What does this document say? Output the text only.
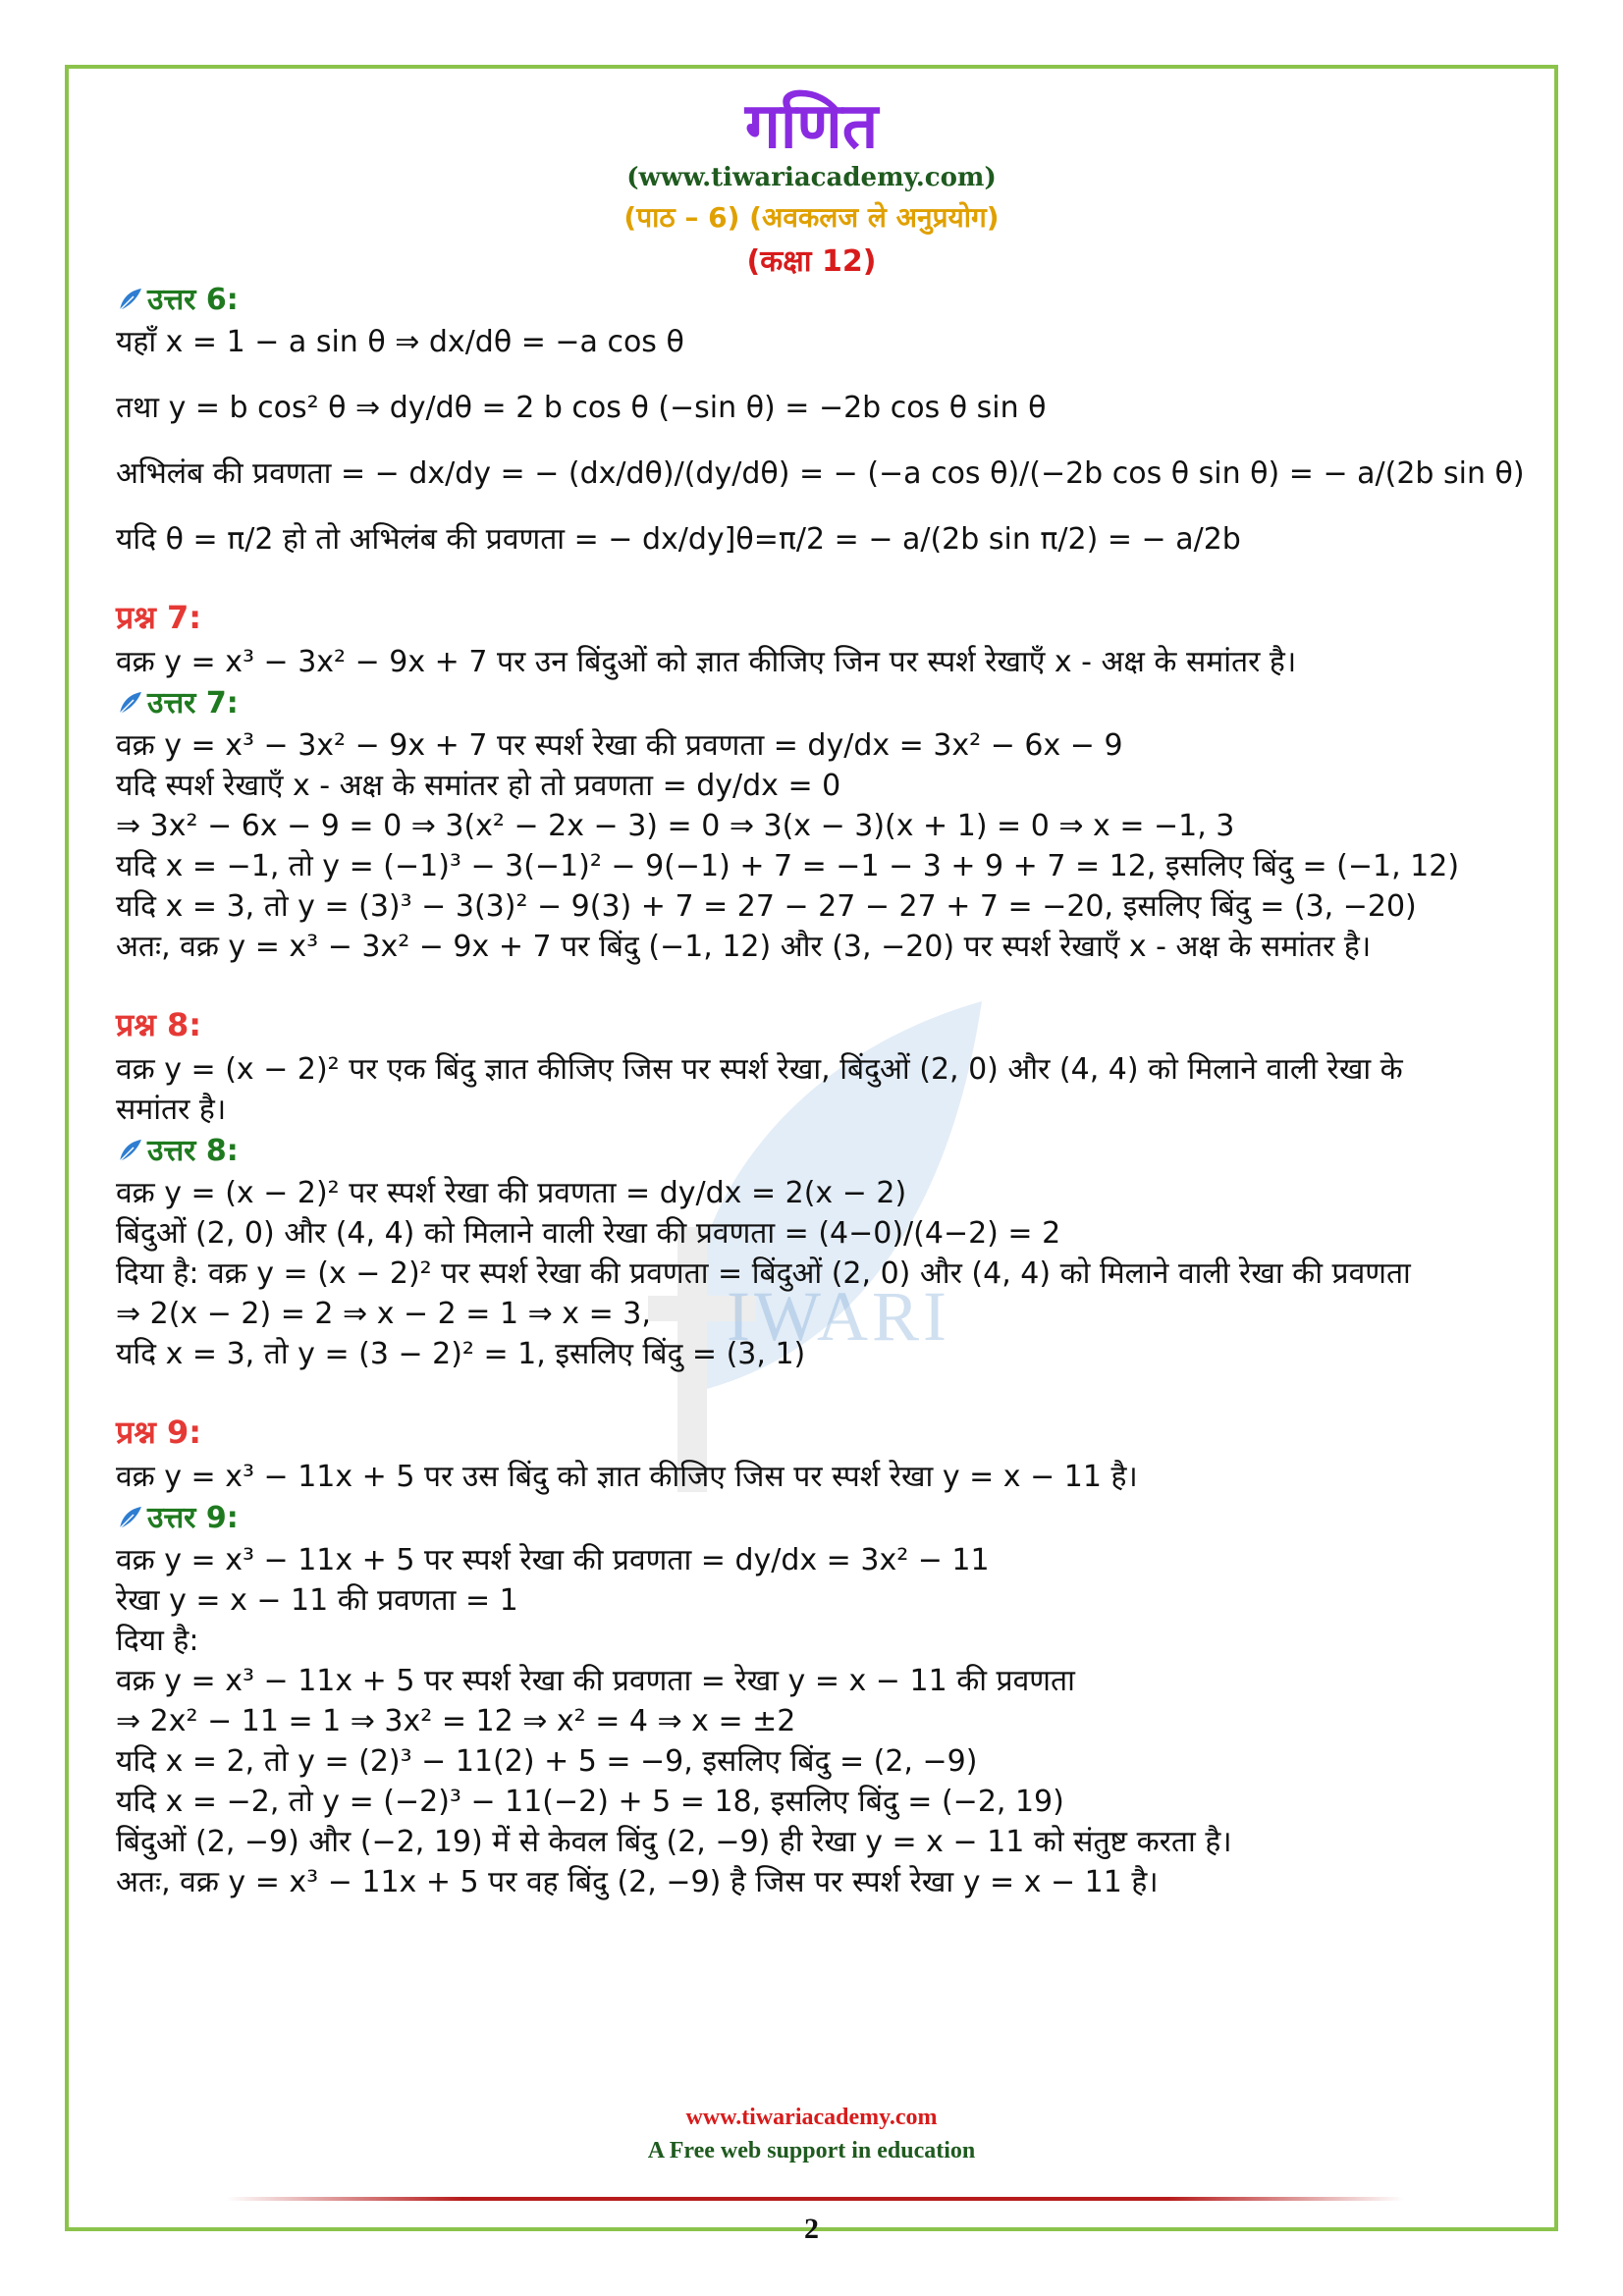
IWARI
गणित
(www.tiwariacademy.com)
(पाठ – 6) (अवकलज ले अनुप्रयोग)
(कक्षा 12)
उत्तर 6:
यहाँ x = 1 − a sin θ ⇒ dx/dθ = −a cos θ
तथा y = b cos² θ ⇒ dy/dθ = 2 b cos θ (−sin θ) = −2b cos θ sin θ
अभिलंब की प्रवणता = − dx/dy = − (dx/dθ)/(dy/dθ) = − (−a cos θ)/(−2b cos θ sin θ) = − a/(2b sin θ)
यदि θ = π/2 हो तो अभिलंब की प्रवणता = − dx/dy]θ=π/2 = − a/(2b sin π/2) = − a/2b
प्रश्न 7:
वक्र y = x³ − 3x² − 9x + 7 पर उन बिंदुओं को ज्ञात कीजिए जिन पर स्पर्श रेखाएँ x - अक्ष के समांतर है।
उत्तर 7:
वक्र y = x³ − 3x² − 9x + 7 पर स्पर्श रेखा की प्रवणता = dy/dx = 3x² − 6x − 9
यदि स्पर्श रेखाएँ x - अक्ष के समांतर हो तो प्रवणता = dy/dx = 0
⇒ 3x² − 6x − 9 = 0 ⇒ 3(x² − 2x − 3) = 0 ⇒ 3(x − 3)(x + 1) = 0 ⇒ x = −1, 3
यदि x = −1, तो y = (−1)³ − 3(−1)² − 9(−1) + 7 = −1 − 3 + 9 + 7 = 12, इसलिए बिंदु = (−1, 12)
यदि x = 3, तो y = (3)³ − 3(3)² − 9(3) + 7 = 27 − 27 − 27 + 7 = −20, इसलिए बिंदु = (3, −20)
अतः, वक्र y = x³ − 3x² − 9x + 7 पर बिंदु (−1, 12) और (3, −20) पर स्पर्श रेखाएँ x - अक्ष के समांतर है।
प्रश्न 8:
वक्र y = (x − 2)² पर एक बिंदु ज्ञात कीजिए जिस पर स्पर्श रेखा, बिंदुओं (2, 0) और (4, 4) को मिलाने वाली रेखा के
समांतर है।
उत्तर 8:
वक्र y = (x − 2)² पर स्पर्श रेखा की प्रवणता = dy/dx = 2(x − 2)
बिंदुओं (2, 0) और (4, 4) को मिलाने वाली रेखा की प्रवणता = (4−0)/(4−2) = 2
दिया है: वक्र y = (x − 2)² पर स्पर्श रेखा की प्रवणता = बिंदुओं (2, 0) और (4, 4) को मिलाने वाली रेखा की प्रवणता
⇒ 2(x − 2) = 2 ⇒ x − 2 = 1 ⇒ x = 3,
यदि x = 3, तो y = (3 − 2)² = 1, इसलिए बिंदु = (3, 1)
प्रश्न 9:
वक्र y = x³ − 11x + 5 पर उस बिंदु को ज्ञात कीजिए जिस पर स्पर्श रेखा y = x − 11 है।
उत्तर 9:
वक्र y = x³ − 11x + 5 पर स्पर्श रेखा की प्रवणता = dy/dx = 3x² − 11
रेखा y = x − 11 की प्रवणता = 1
दिया है:
वक्र y = x³ − 11x + 5 पर स्पर्श रेखा की प्रवणता = रेखा y = x − 11 की प्रवणता
⇒ 2x² − 11 = 1 ⇒ 3x² = 12 ⇒ x² = 4 ⇒ x = ±2
यदि x = 2, तो y = (2)³ − 11(2) + 5 = −9, इसलिए बिंदु = (2, −9)
यदि x = −2, तो y = (−2)³ − 11(−2) + 5 = 18, इसलिए बिंदु = (−2, 19)
बिंदुओं (2, −9) और (−2, 19) में से केवल बिंदु (2, −9) ही रेखा y = x − 11 को संतुष्ट करता है।
अतः, वक्र y = x³ − 11x + 5 पर वह बिंदु (2, −9) है जिस पर स्पर्श रेखा y = x − 11 है।
www.tiwariacademy.com
A Free web support in education
2
